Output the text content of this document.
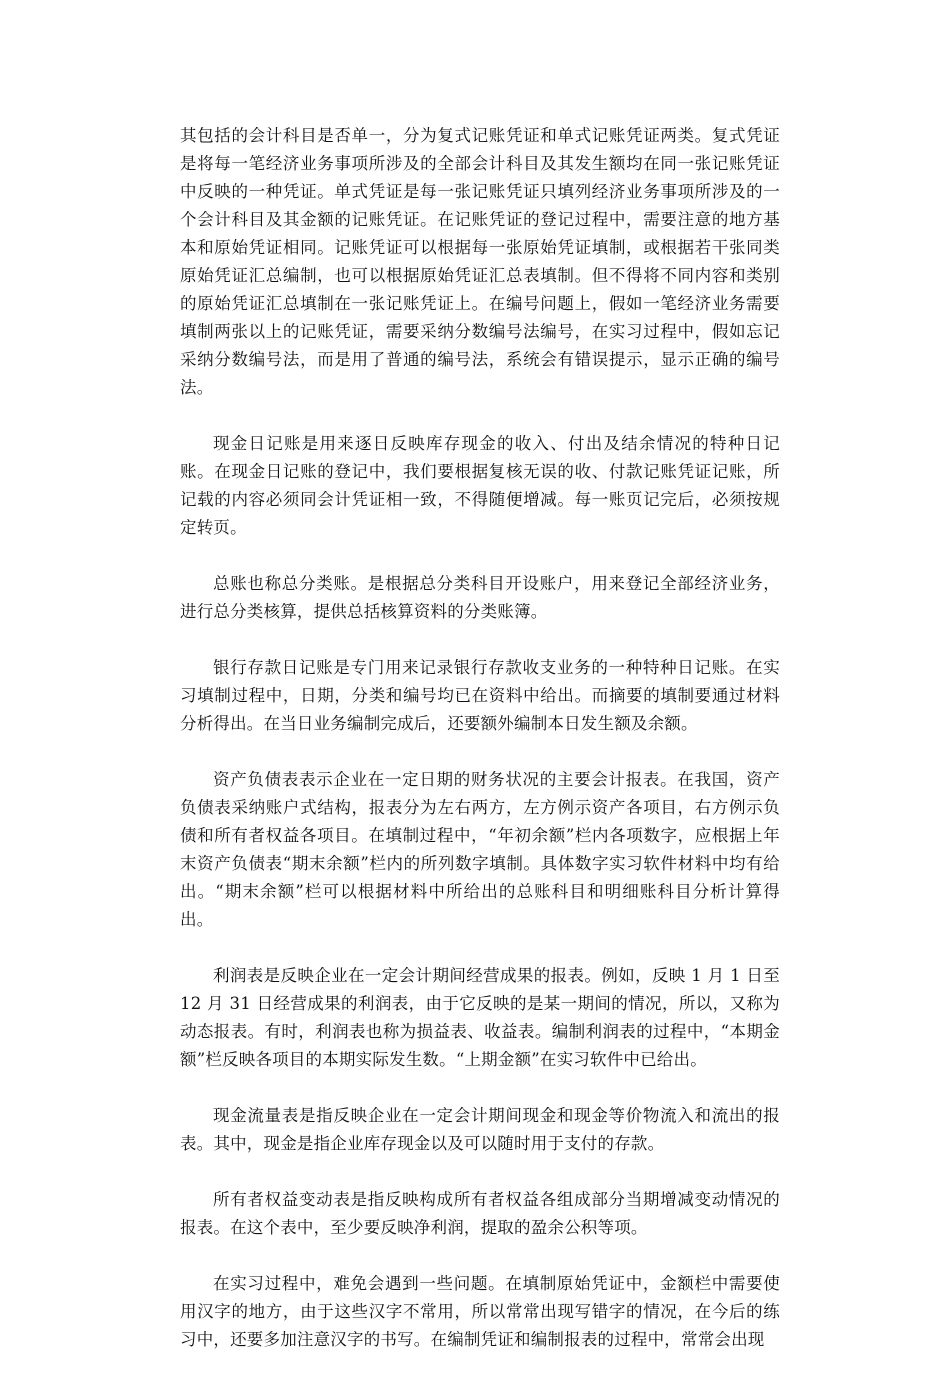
其包括的会计科目是否单一，分为复式记账凭证和单式记账凭证两类。复式凭证是将每一笔经济业务事项所涉及的全部会计科目及其发生额均在同一张记账凭证中反映的一种凭证。单式凭证是每一张记账凭证只填列经济业务事项所涉及的一个会计科目及其金额的记账凭证。在记账凭证的登记过程中，需要注意的地方基本和原始凭证相同。记账凭证可以根据每一张原始凭证填制，或根据若干张同类原始凭证汇总编制，也可以根据原始凭证汇总表填制。但不得将不同内容和类别的原始凭证汇总填制在一张记账凭证上。在编号问题上，假如一笔经济业务需要填制两张以上的记账凭证，需要采纳分数编号法编号，在实习过程中，假如忘记采纳分数编号法，而是用了普通的编号法，系统会有错误提示，显示正确的编号法。

现金日记账是用来逐日反映库存现金的收入、付出及结余情况的特种日记账。在现金日记账的登记中，我们要根据复核无误的收、付款记账凭证记账，所记载的内容必须同会计凭证相一致，不得随便增减。每一账页记完后，必须按规定转页。

总账也称总分类账。是根据总分类科目开设账户，用来登记全部经济业务，进行总分类核算，提供总括核算资料的分类账簿。

银行存款日记账是专门用来记录银行存款收支业务的一种特种日记账。在实习填制过程中，日期，分类和编号均已在资料中给出。而摘要的填制要通过材料分析得出。在当日业务编制完成后，还要额外编制本日发生额及余额。

资产负债表表示企业在一定日期的财务状况的主要会计报表。在我国，资产负债表采纳账户式结构，报表分为左右两方，左方例示资产各项目，右方例示负债和所有者权益各项目。在填制过程中，“年初余额”栏内各项数字，应根据上年末资产负债表“期末余额”栏内的所列数字填制。具体数字实习软件材料中均有给出。“期末余额”栏可以根据材料中所给出的总账科目和明细账科目分析计算得出。

利润表是反映企业在一定会计期间经营成果的报表。例如，反映 1 月 1 日至 12 月 31 日经营成果的利润表，由于它反映的是某一期间的情况，所以，又称为动态报表。有时，利润表也称为损益表、收益表。编制利润表的过程中，“本期金额”栏反映各项目的本期实际发生数。“上期金额”在实习软件中已给出。

现金流量表是指反映企业在一定会计期间现金和现金等价物流入和流出的报表。其中，现金是指企业库存现金以及可以随时用于支付的存款。

所有者权益变动表是指反映构成所有者权益各组成部分当期增减变动情况的报表。在这个表中，至少要反映净利润，提取的盈余公积等项。

在实习过程中，难免会遇到一些问题。在填制原始凭证中，金额栏中需要使用汉字的地方，由于这些汉字不常用，所以常常出现写错字的情况，在今后的练习中，还要多加注意汉字的书写。在编制凭证和编制报表的过程中，常常会出现
